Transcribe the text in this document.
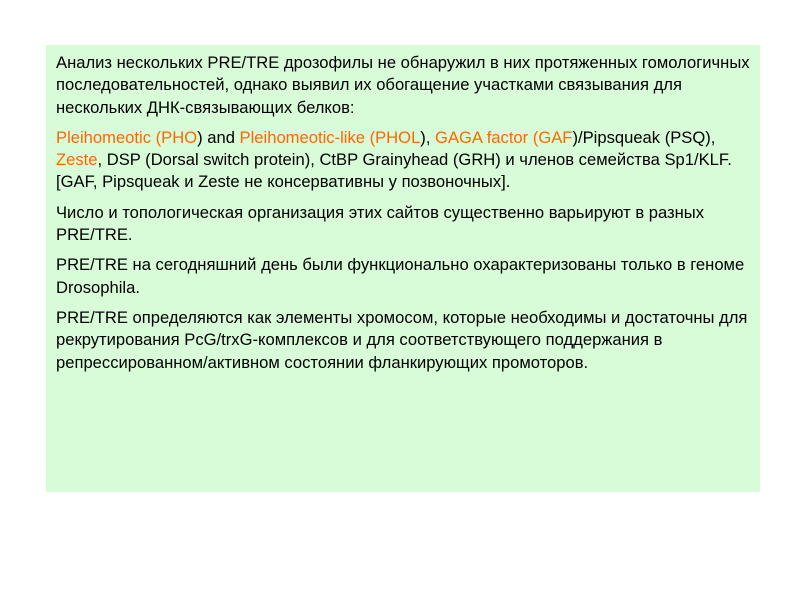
Анализ нескольких PRE/TRE дрозофилы не обнаружил в них протяженных гомологичных последовательностей, однако выявил их обогащение участками связывания для нескольких ДНК-связывающих белков:

Pleihomeotic (PHO) and Pleihomeotic-like (PHOL), GAGA factor (GAF)/Pipsqueak (PSQ), Zeste, DSP (Dorsal switch protein), CtBP Grainyhead (GRH) и членов семейства Sp1/KLF. [GAF, Pipsqueak и Zeste не консервативны у позвоночных].

Число и топологическая организация этих сайтов существенно варьируют в разных PRE/TRE.

PRE/TRE на сегодняшний день были функционально охарактеризованы только в геноме Drosophila.

PRE/TRE определяются как элементы хромосом, которые необходимы и достаточны для рекрутирования PcG/trxG-комплексов и для соответствующего поддержания в репрессированном/активном состоянии фланкирующих промоторов.
